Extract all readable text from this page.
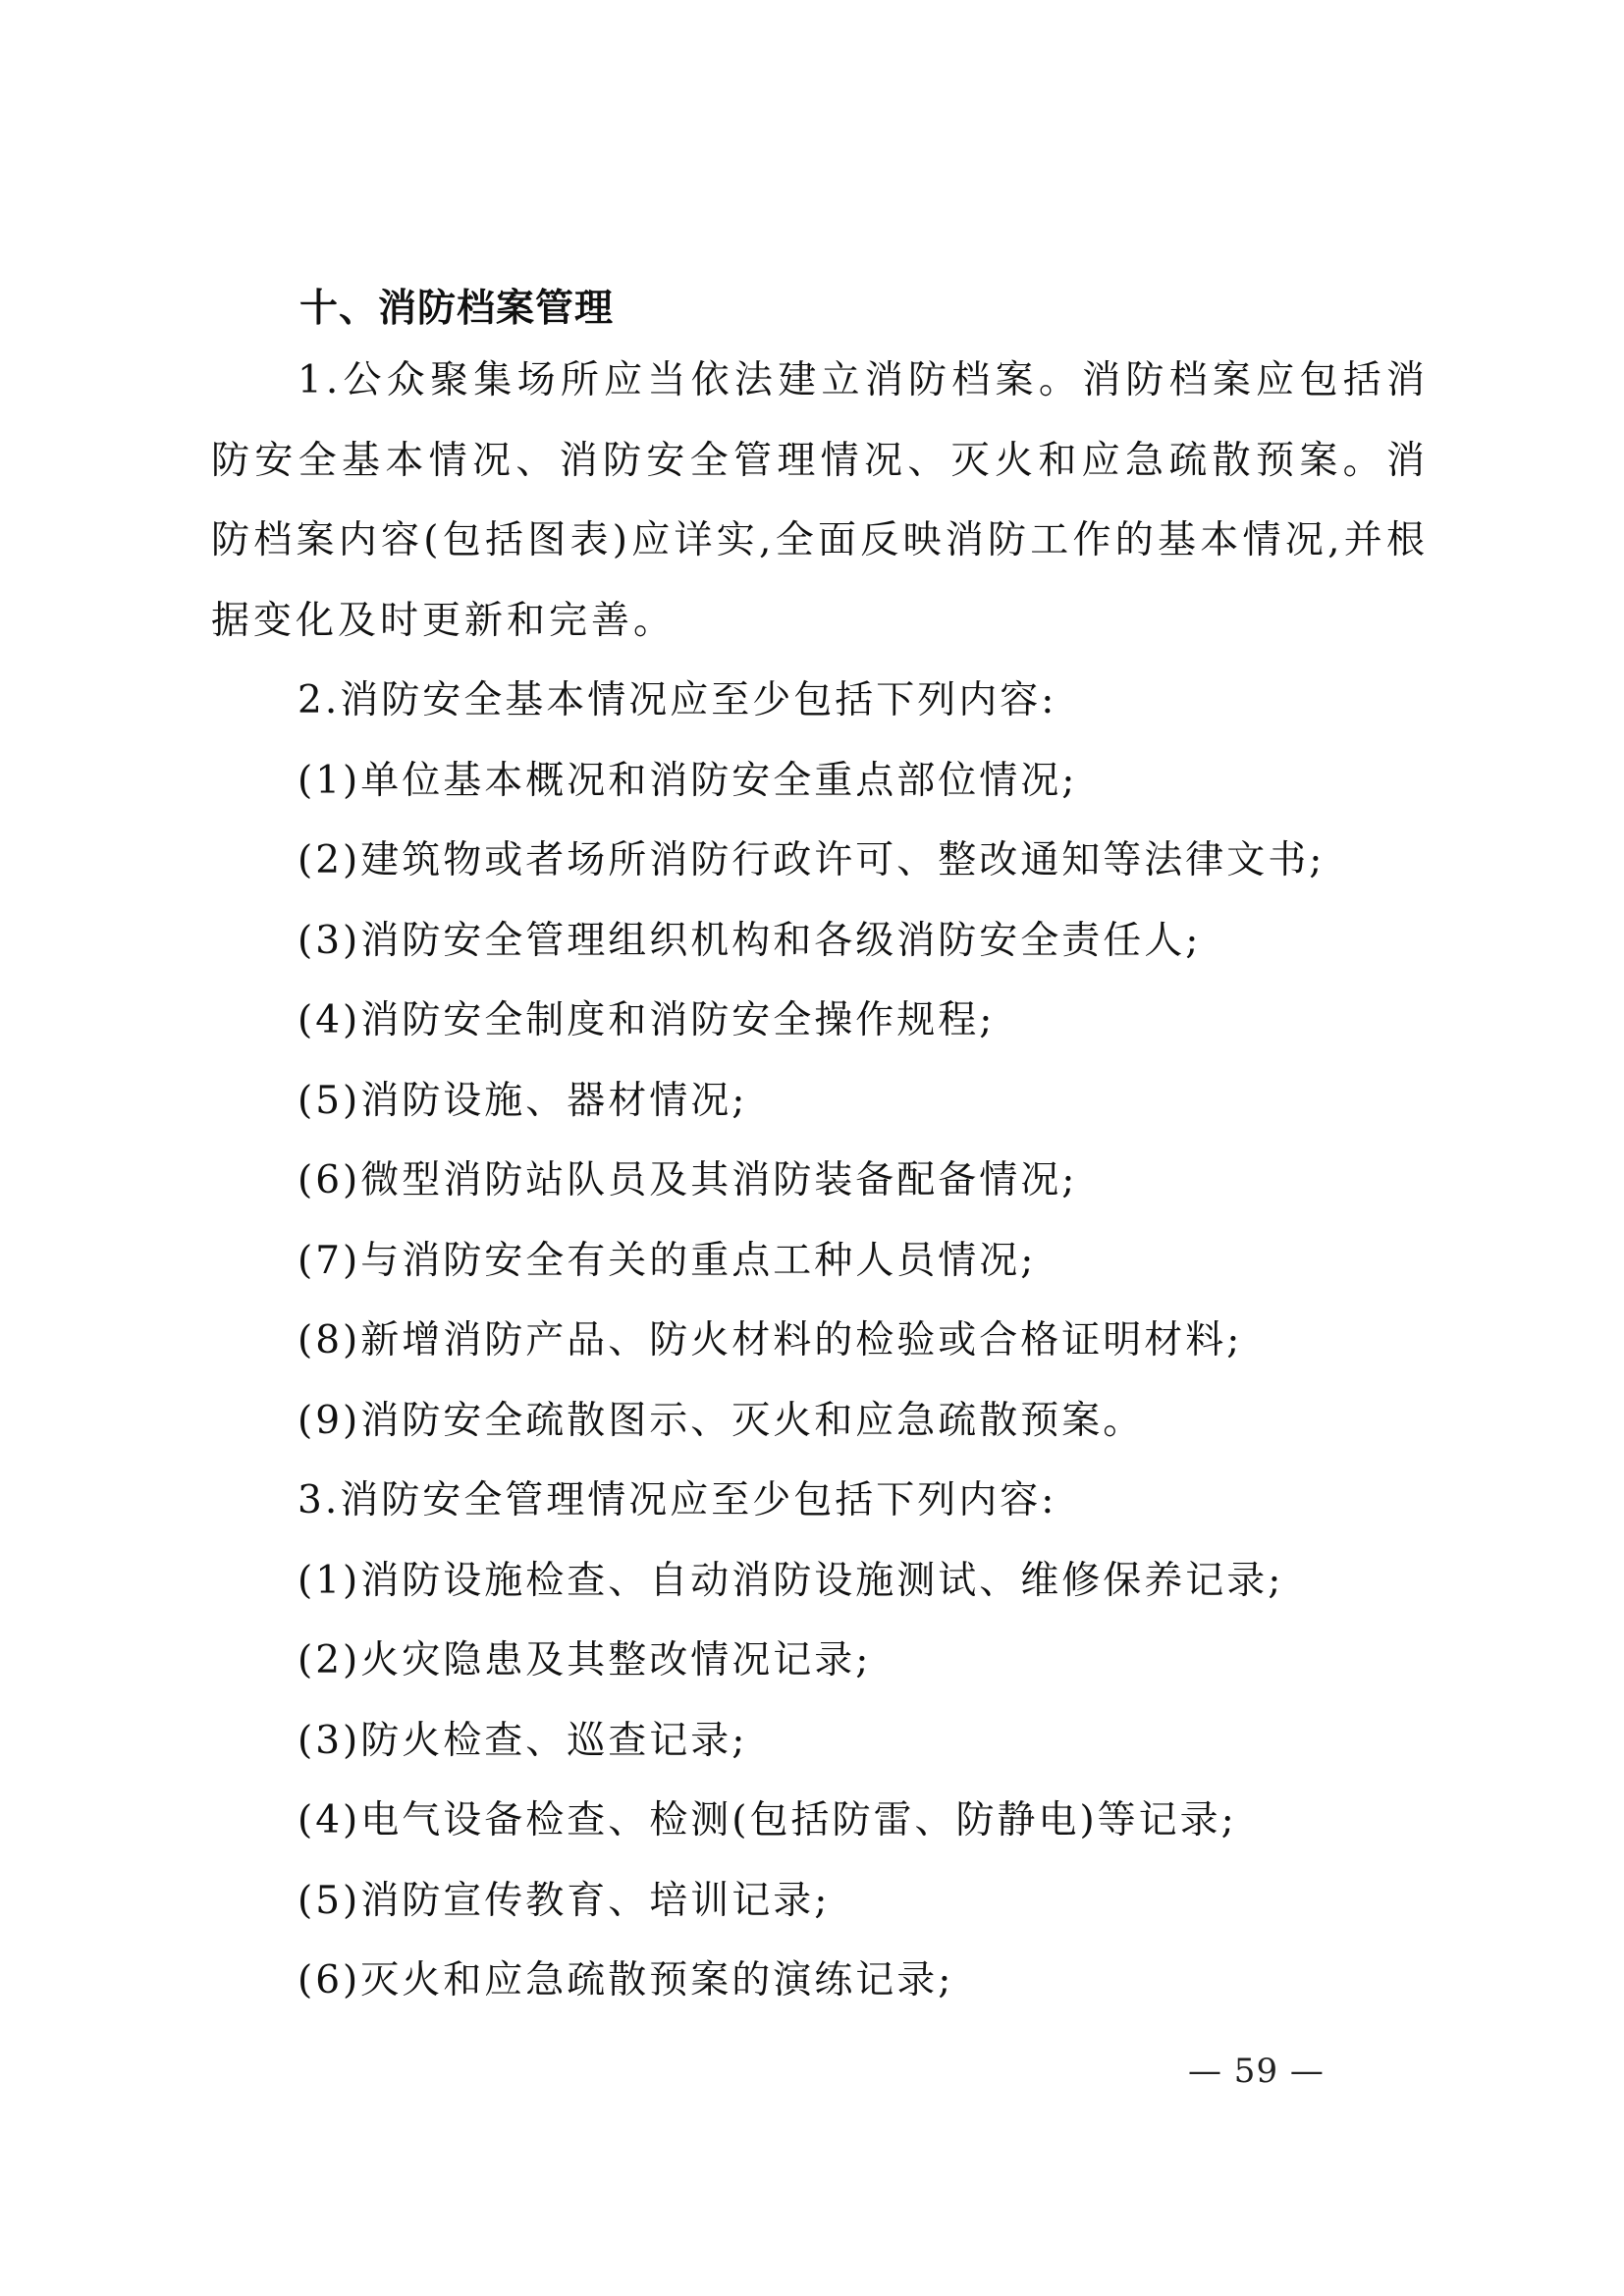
十、消防档案管理

1.公众聚集场所应当依法建立消防档案。消防档案应包括消防安全基本情况、消防安全管理情况、灭火和应急疏散预案。消防档案内容(包括图表)应详实,全面反映消防工作的基本情况,并根据变化及时更新和完善。

2.消防安全基本情况应至少包括下列内容:

(1)单位基本概况和消防安全重点部位情况;

(2)建筑物或者场所消防行政许可、整改通知等法律文书;

(3)消防安全管理组织机构和各级消防安全责任人;

(4)消防安全制度和消防安全操作规程;

(5)消防设施、器材情况;

(6)微型消防站队员及其消防装备配备情况;

(7)与消防安全有关的重点工种人员情况;

(8)新增消防产品、防火材料的检验或合格证明材料;

(9)消防安全疏散图示、灭火和应急疏散预案。

3.消防安全管理情况应至少包括下列内容:

(1)消防设施检查、自动消防设施测试、维修保养记录;

(2)火灾隐患及其整改情况记录;

(3)防火检查、巡查记录;

(4)电气设备检查、检测(包括防雷、防静电)等记录;

(5)消防宣传教育、培训记录;

(6)灭火和应急疏散预案的演练记录;

— 59 —
